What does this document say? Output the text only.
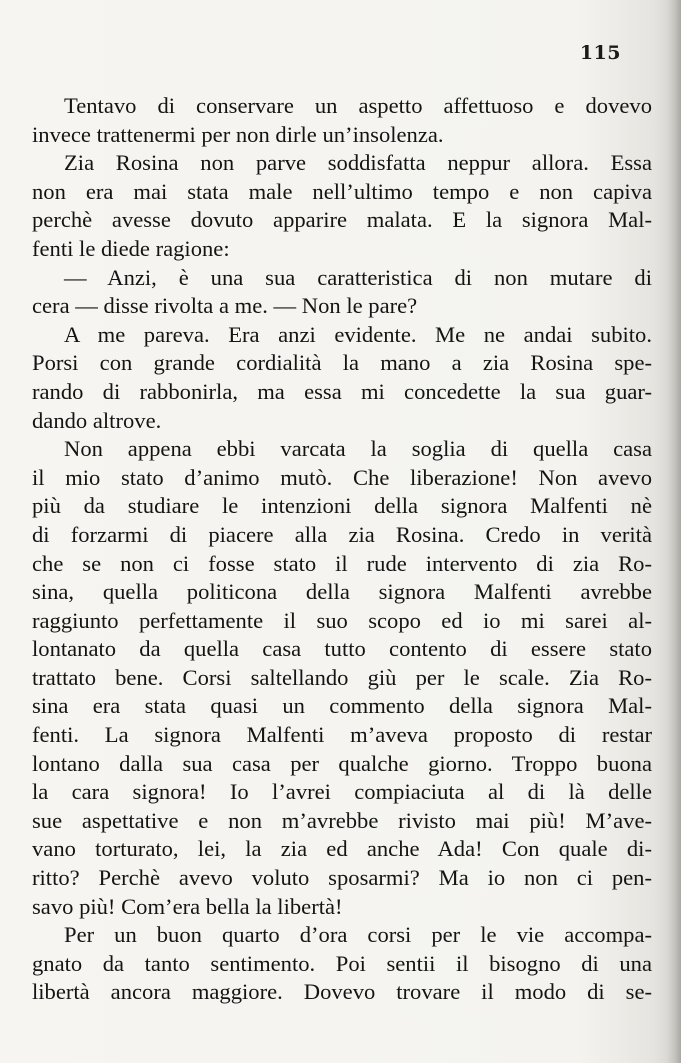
115
Tentavo di conservare un aspetto affettuoso e dovevo
invece trattenermi per non dirle un’insolenza.
Zia Rosina non parve soddisfatta neppur allora. Essa
non era mai stata male nell’ultimo tempo e non capiva
perchè avesse dovuto apparire malata. E la signora Mal-
fenti le diede ragione:
— Anzi, è una sua caratteristica di non mutare di
cera — disse rivolta a me. — Non le pare?
A me pareva. Era anzi evidente. Me ne andai subito.
Porsi con grande cordialità la mano a zia Rosina spe-
rando di rabbonirla, ma essa mi concedette la sua guar-
dando altrove.
Non appena ebbi varcata la soglia di quella casa
il mio stato d’animo mutò. Che liberazione! Non avevo
più da studiare le intenzioni della signora Malfenti nè
di forzarmi di piacere alla zia Rosina. Credo in verità
che se non ci fosse stato il rude intervento di zia Ro-
sina, quella politicona della signora Malfenti avrebbe
raggiunto perfettamente il suo scopo ed io mi sarei al-
lontanato da quella casa tutto contento di essere stato
trattato bene. Corsi saltellando giù per le scale. Zia Ro-
sina era stata quasi un commento della signora Mal-
fenti. La signora Malfenti m’aveva proposto di restar
lontano dalla sua casa per qualche giorno. Troppo buona
la cara signora! Io l’avrei compiaciuta al di là delle
sue aspettative e non m’avrebbe rivisto mai più! M’ave-
vano torturato, lei, la zia ed anche Ada! Con quale di-
ritto? Perchè avevo voluto sposarmi? Ma io non ci pen-
savo più! Com’era bella la libertà!
Per un buon quarto d’ora corsi per le vie accompa-
gnato da tanto sentimento. Poi sentii il bisogno di una
libertà ancora maggiore. Dovevo trovare il modo di se-
